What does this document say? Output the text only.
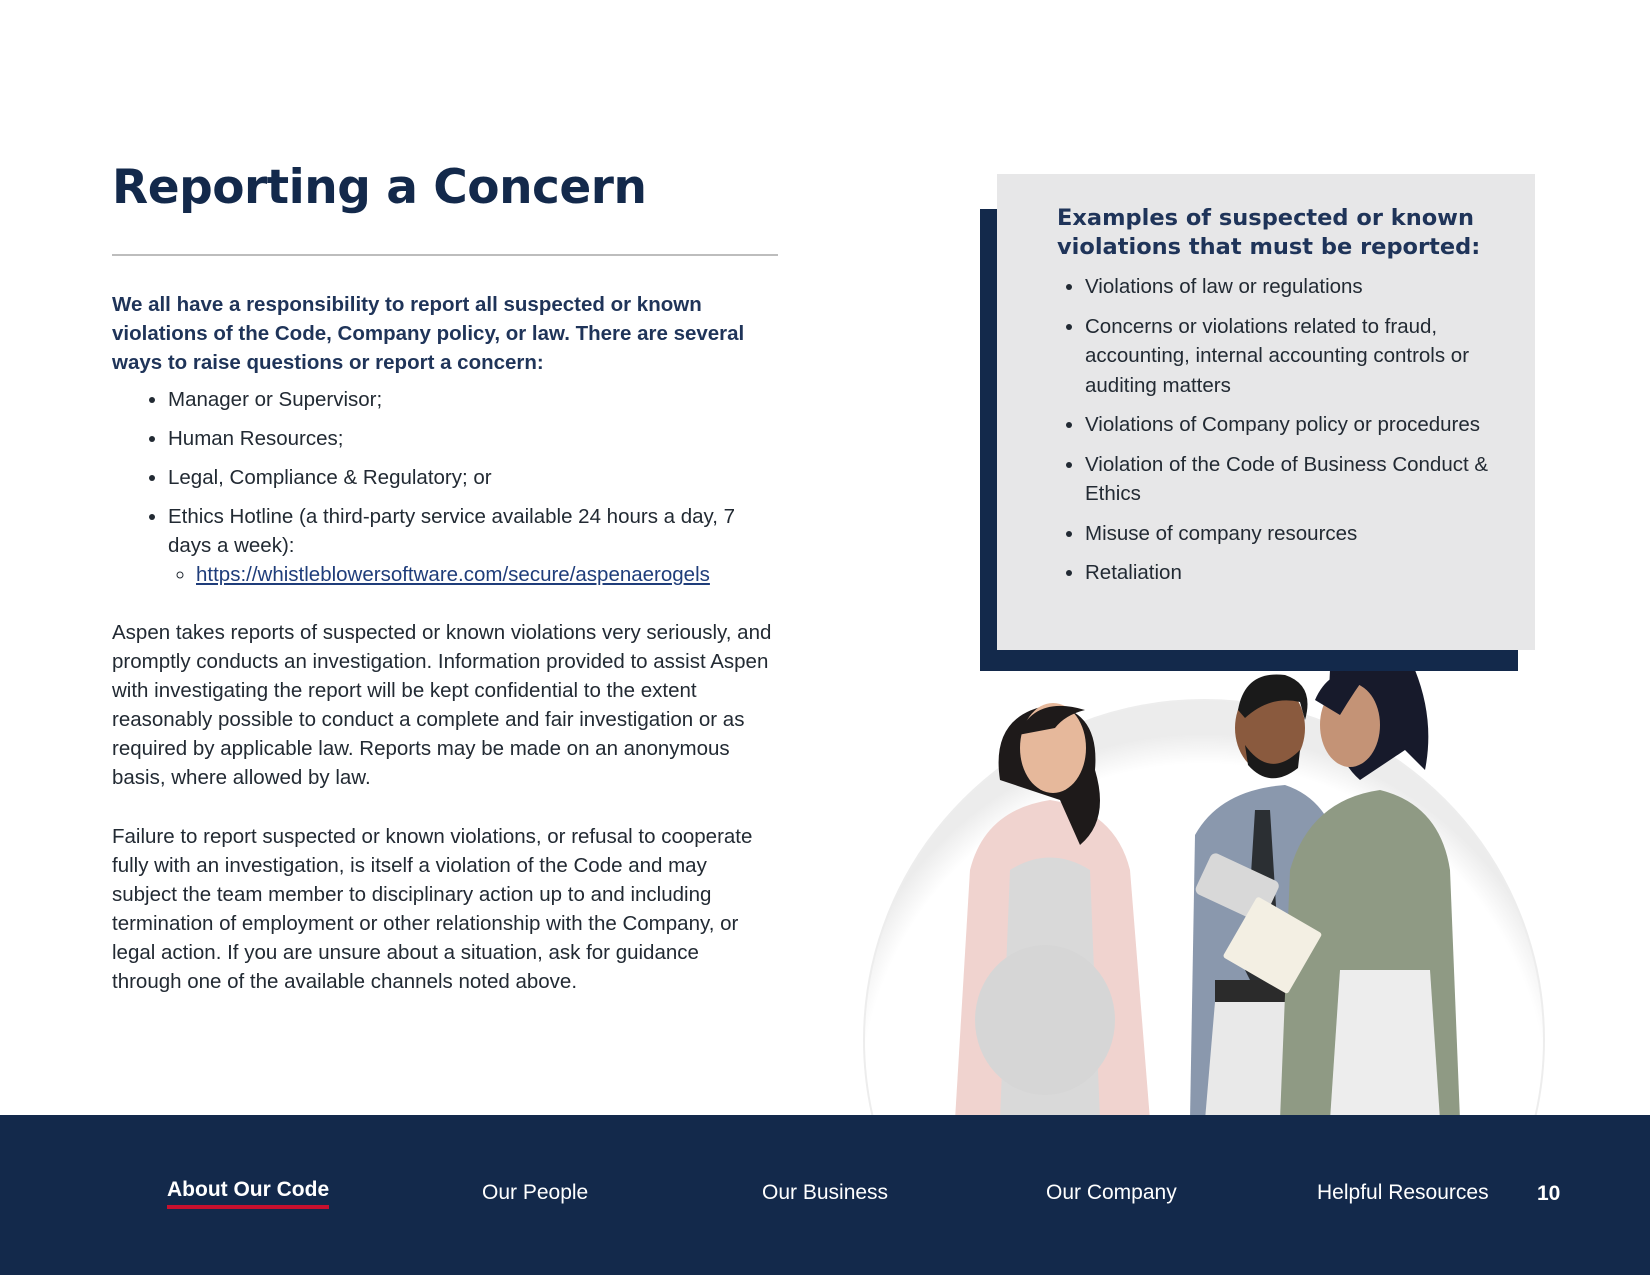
Reporting a Concern

We all have a responsibility to report all suspected or known violations of the Code, Company policy, or law. There are several ways to raise questions or report a concern:

• Manager or Supervisor;
• Human Resources;
• Legal, Compliance & Regulatory; or
• Ethics Hotline (a third-party service available 24 hours a day, 7 days a week):
◦ https://whistleblowersoftware.com/secure/aspenaerogels

Aspen takes reports of suspected or known violations very seriously, and promptly conducts an investigation. Information provided to assist Aspen with investigating the report will be kept confidential to the extent reasonably possible to conduct a complete and fair investigation or as required by applicable law. Reports may be made on an anonymous basis, where allowed by law.

Failure to report suspected or known violations, or refusal to cooperate fully with an investigation, is itself a violation of the Code and may subject the team member to disciplinary action up to and including termination of employment or other relationship with the Company, or legal action. If you are unsure about a situation, ask for guidance through one of the available channels noted above.

Examples of suspected or known violations that must be reported:
• Violations of law or regulations
• Concerns or violations related to fraud, accounting, internal accounting controls or auditing matters
• Violations of Company policy or procedures
• Violation of the Code of Business Conduct & Ethics
• Misuse of company resources
• Retaliation
About Our Code	Our People	Our Business	Our Company	Helpful Resources 10
